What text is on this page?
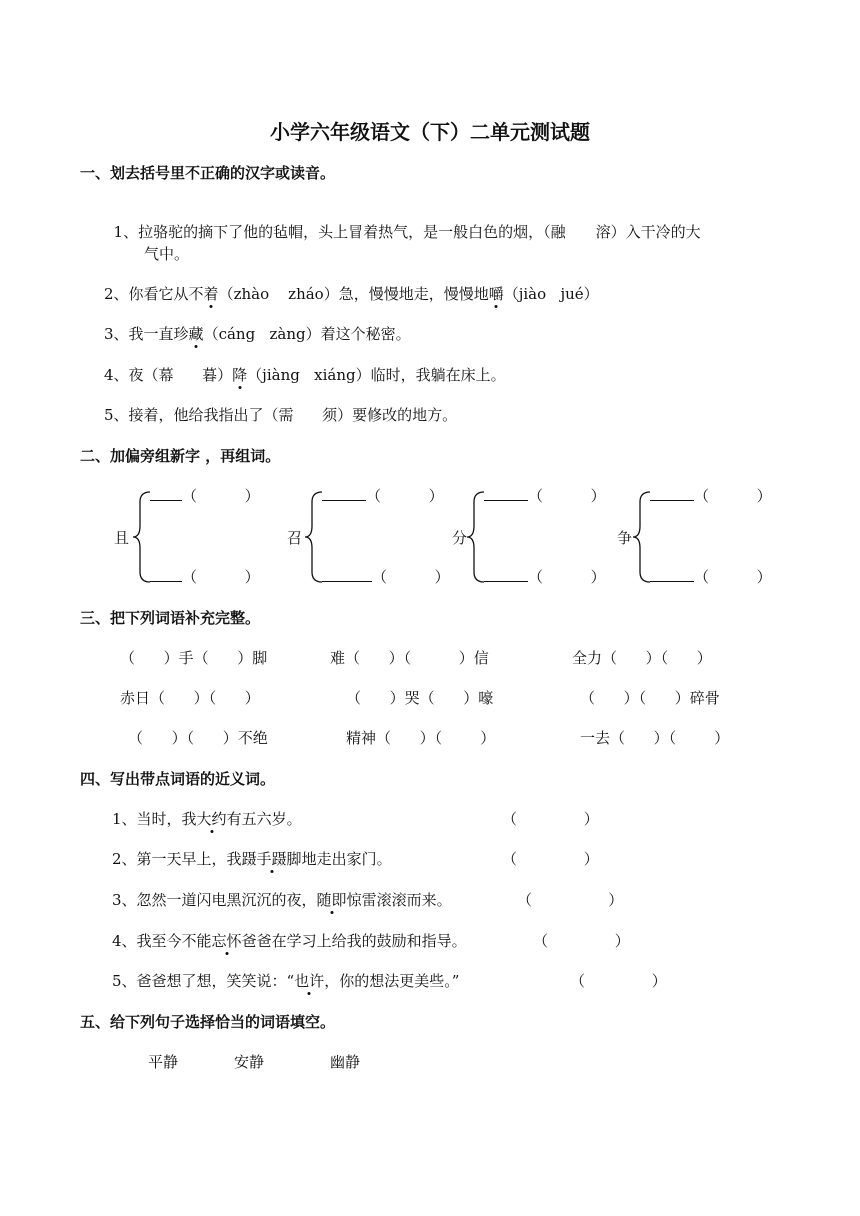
小学六年级语文（下）二单元测试题
一、划去括号里不正确的汉字或读音。

1、拉骆驼的摘下了他的毡帽，头上冒着热气，是一般白色的烟，（融 溶）入干冷的大

气中。
2、你看它从不着（zhào    zháo）急，慢慢地走，慢慢地嚼（jiào   jué）
3、我一直珍藏（cáng   zàng）着这个秘密。
4、夜（幕      暮）降（jiàng   xiáng）临时，我躺在床上。
5、接着，他给我指出了（需      须）要修改的地方。
二、加偏旁组新字 ，再组词。
且
（          ）
（          ）
召
（          ）
（          ）
分
（          ）
（          ）
争
（          ）
（          ）
三、把下列词语补充完整。
（      ）手（      ）脚	难（      ）（          ）信	全力（      ）（      ）
赤日（      ）（      ）	（      ）哭（      ）嚎	（      ）（      ）碎骨
（      ）（      ）不绝	精神（      ）（        ）	一去（      ）（        ）
四、写出带点词语的近义词。
1、当时，我大约有五六岁。	（              ）
2、第一天早上，我蹑手蹑脚地走出家门。	（              ）
3、忽然一道闪电黑沉沉的夜，随即惊雷滚滚而来。	（                ）
4、我至今不能忘怀爸爸在学习上给我的鼓励和指导。	（              ）
5、爸爸想了想，笑笑说：“也许，你的想法更美些。”	（              ）
五、给下列句子选择恰当的词语填空。
平静	安静	幽静
